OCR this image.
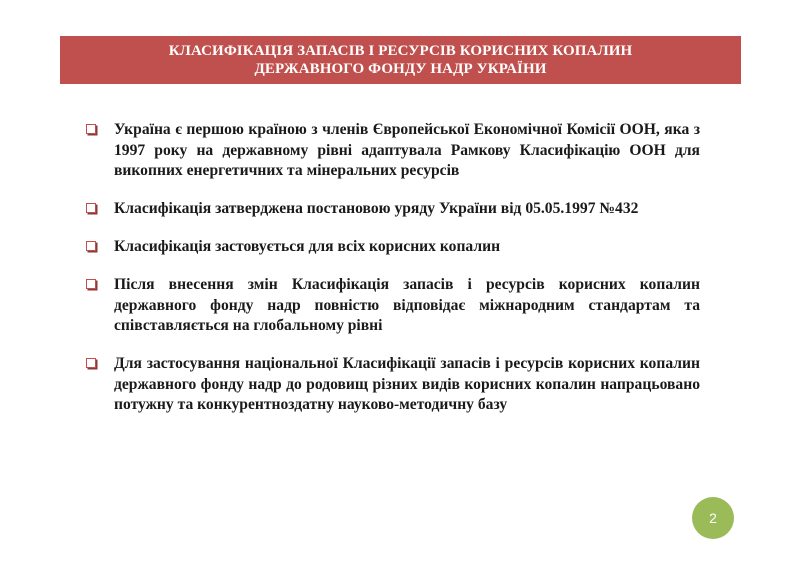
КЛАСИФІКАЦІЯ ЗАПАСІВ І РЕСУРСІВ КОРИСНИХ КОПАЛИН
ДЕРЖАВНОГО ФОНДУ НАДР УКРАЇНИ
Україна є першою країною з членів Європейської Економічної Комісії ООН, яка з 1997 року на державному рівні адаптувала Рамкову Класифікацію ООН для викопних енергетичних та мінеральних ресурсів
Класифікація затверджена постановою уряду України від 05.05.1997 №432
Класифікація застовується для всіх корисних копалин
Після внесення змін Класифікація запасів і ресурсів корисних копалин державного фонду надр повністю відповідає міжнародним стандартам та співставляється на глобальному рівні
Для застосування національної Класифікації запасів і ресурсів корисних копалин державного фонду надр до родовищ різних видів корисних копалин напрацьовано потужну та конкурентноздатну науково-методичну базу
2
